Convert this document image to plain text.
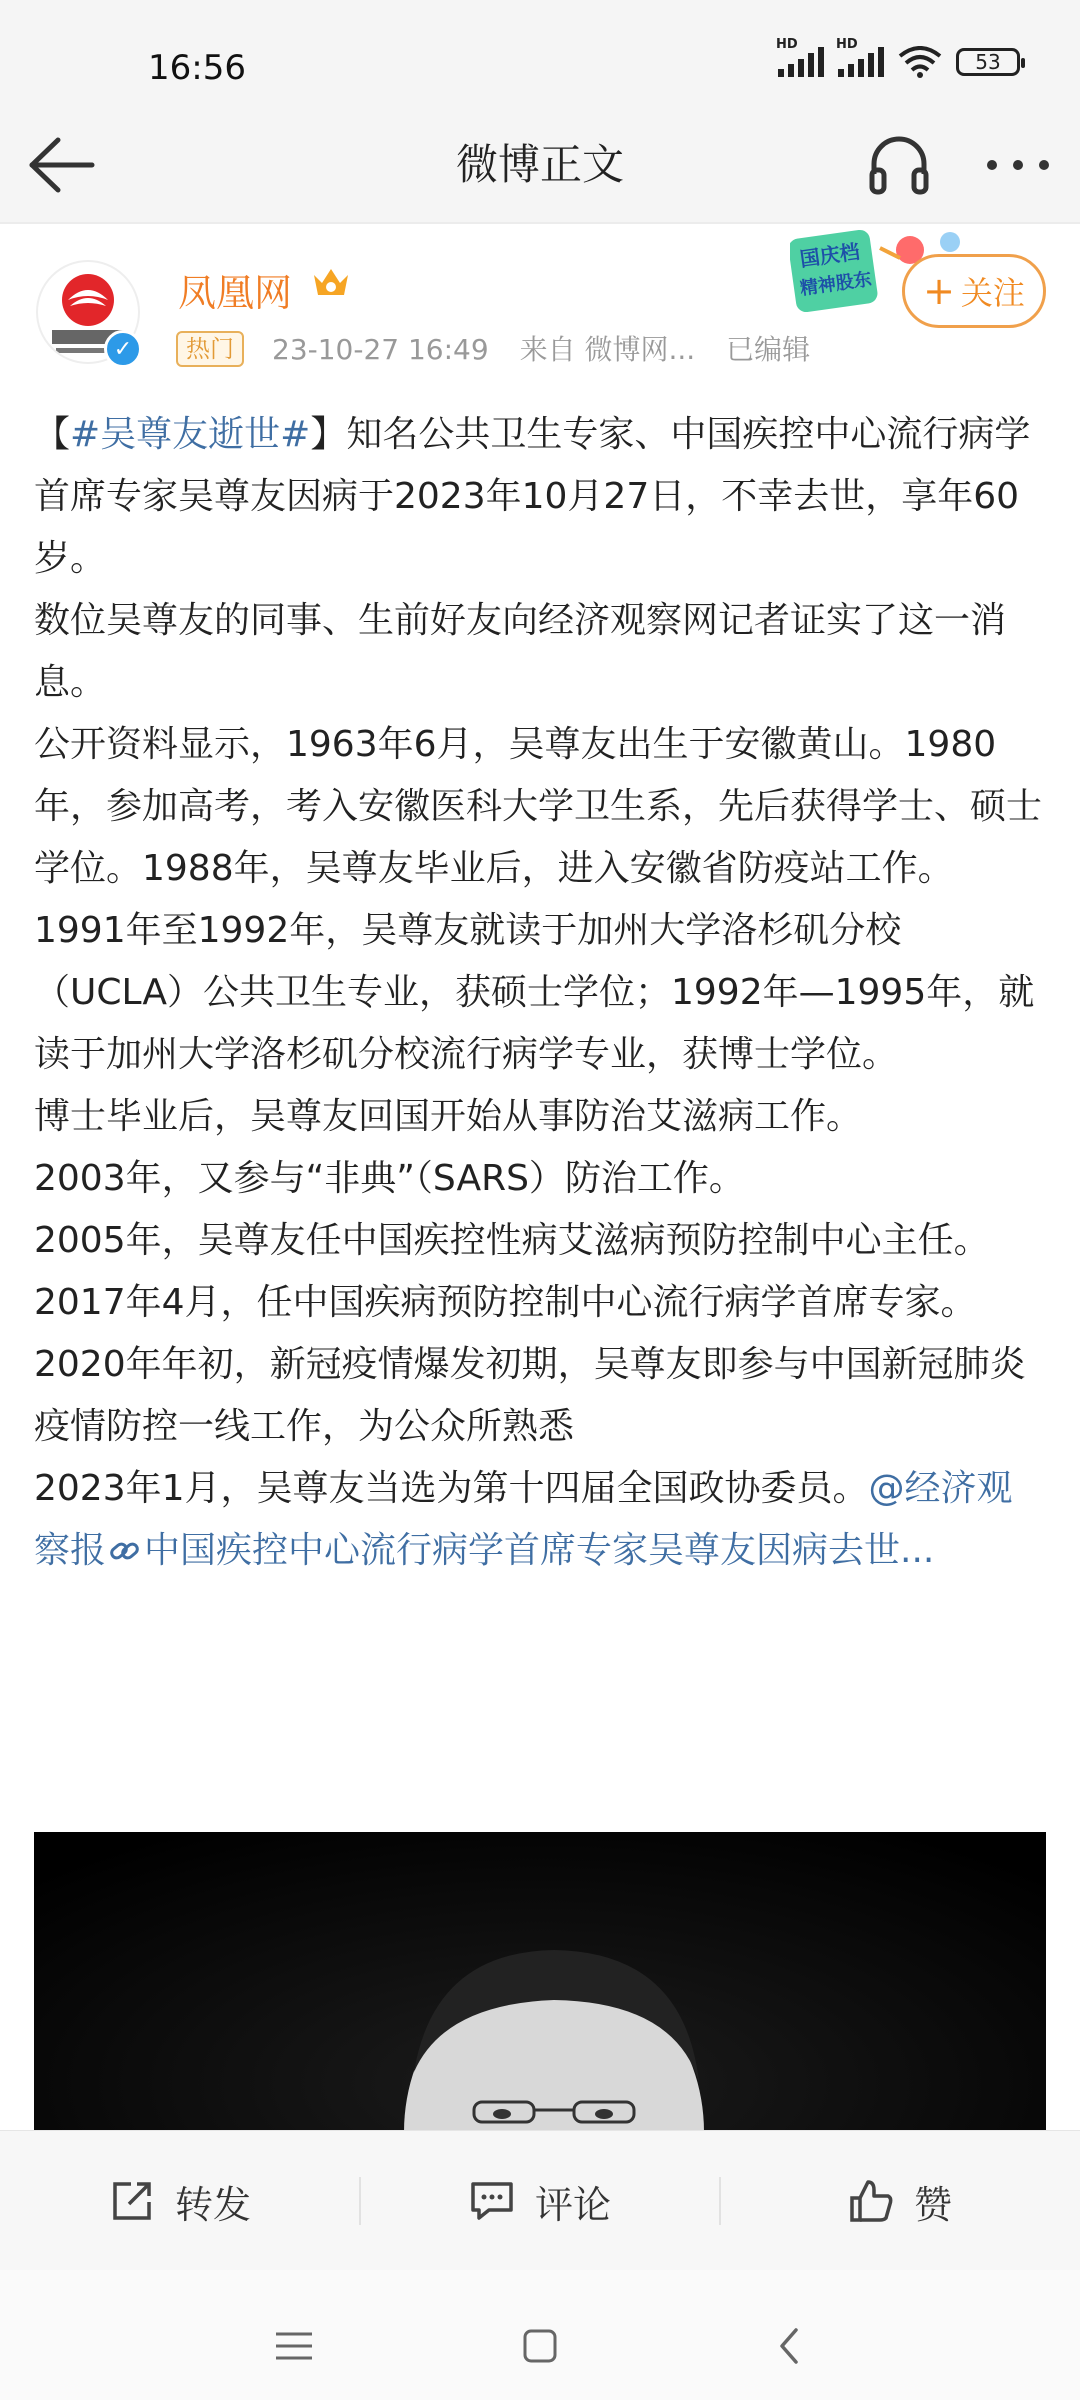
16:56
HD	HD
53
微博正文
✓
凤凰网
热门	23-10-27 16:49 来自 微博网... 已编辑
国庆档
精神股东 + 关注

【#吴尊友逝世#】知名公共卫生专家、中国疾控中心流行病学首席专家吴尊友因病于2023年10月27日，不幸去世，享年60岁。

数位吴尊友的同事、生前好友向经济观察网记者证实了这一消息。

公开资料显示，1963年6月，吴尊友出生于安徽黄山。1980年，参加高考，考入安徽医科大学卫生系，先后获得学士、硕士学位。1988年，吴尊友毕业后，进入安徽省防疫站工作。

1991年至1992年，吴尊友就读于加州大学洛杉矶分校（UCLA）公共卫生专业，获硕士学位；1992年—1995年，就读于加州大学洛杉矶分校流行病学专业，获博士学位。

博士毕业后，吴尊友回国开始从事防治艾滋病工作。

2003年，又参与“非典”（SARS）防治工作。

2005年，吴尊友任中国疾控性病艾滋病预防控制中心主任。2017年4月，任中国疾病预防控制中心流行病学首席专家。

2020年年初，新冠疫情爆发初期，吴尊友即参与中国新冠肺炎疫情防控一线工作，为公众所熟悉

2023年1月，吴尊友当选为第十四届全国政协委员。@经济观察报 中国疾控中心流行病学首席专家吴尊友因病去世...

转发	评论	赞
